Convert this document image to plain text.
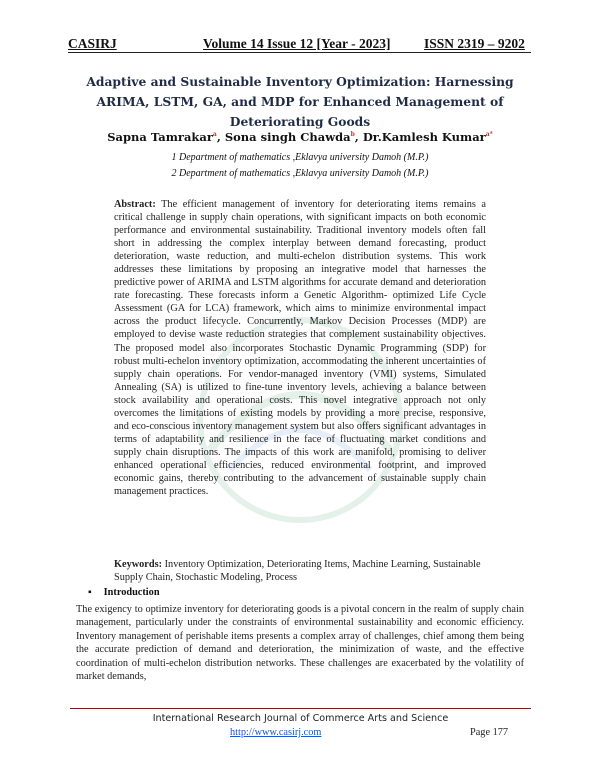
CASIRJ	Volume 14 Issue 12 [Year - 2023] ISSN 2319 – 9202
Adaptive and Sustainable Inventory Optimization: Harnessing ARIMA, LSTM, GA, and MDP for Enhanced Management of Deteriorating Goods
Sapna Tamrakar$^a$, Sona singh Chawda$^b$, Dr.Kamlesh Kumar$^{a*}$
1 Department of mathematics ,Eklavya university Damoh (M.P.)
2 Department of mathematics ,Eklavya university Damoh (M.P.)
Abstract: The efficient management of inventory for deteriorating items remains a critical challenge in supply chain operations, with significant impacts on both economic performance and environmental sustainability. Traditional inventory models often fall short in addressing the complex interplay between demand forecasting, product deterioration, waste reduction, and multi-echelon distribution systems. This work addresses these limitations by proposing an integrative model that harnesses the predictive power of ARIMA and LSTM algorithms for accurate demand and deterioration rate forecasting. These forecasts inform a Genetic Algorithm- optimized Life Cycle Assessment (GA for LCA) framework, which aims to minimize environmental impact across the product lifecycle. Concurrently, Markov Decision Processes (MDP) are employed to devise waste reduction strategies that complement sustainability objectives. The proposed model also incorporates Stochastic Dynamic Programming (SDP) for robust multi-echelon inventory optimization, accommodating the inherent uncertainties of supply chain operations. For vendor-managed inventory (VMI) systems, Simulated Annealing (SA) is utilized to fine-tune inventory levels, achieving a balance between stock availability and operational costs. This novel integrative approach not only overcomes the limitations of existing models by providing a more precise, responsive, and eco-conscious inventory management system but also offers significant advantages in terms of adaptability and resilience in the face of fluctuating market conditions and supply chain disruptions. The impacts of this work are manifold, promising to deliver enhanced operational efficiencies, reduced environmental footprint, and improved economic gains, thereby contributing to the advancement of sustainable supply chain management practices.
Keywords: Inventory Optimization, Deteriorating Items, Machine Learning, Sustainable Supply Chain, Stochastic Modeling, Process
▪ Introduction
The exigency to optimize inventory for deteriorating goods is a pivotal concern in the realm of supply chain management, particularly under the constraints of environmental sustainability and economic efficiency. Inventory management of perishable items presents a complex array of challenges, chief among them being the accurate prediction of demand and deterioration, the minimization of waste, and the effective coordination of multi-echelon distribution networks. These challenges are exacerbated by the volatility of market demands,
International Research Journal of Commerce Arts and Science
http://www.casirj.com	Page 177
